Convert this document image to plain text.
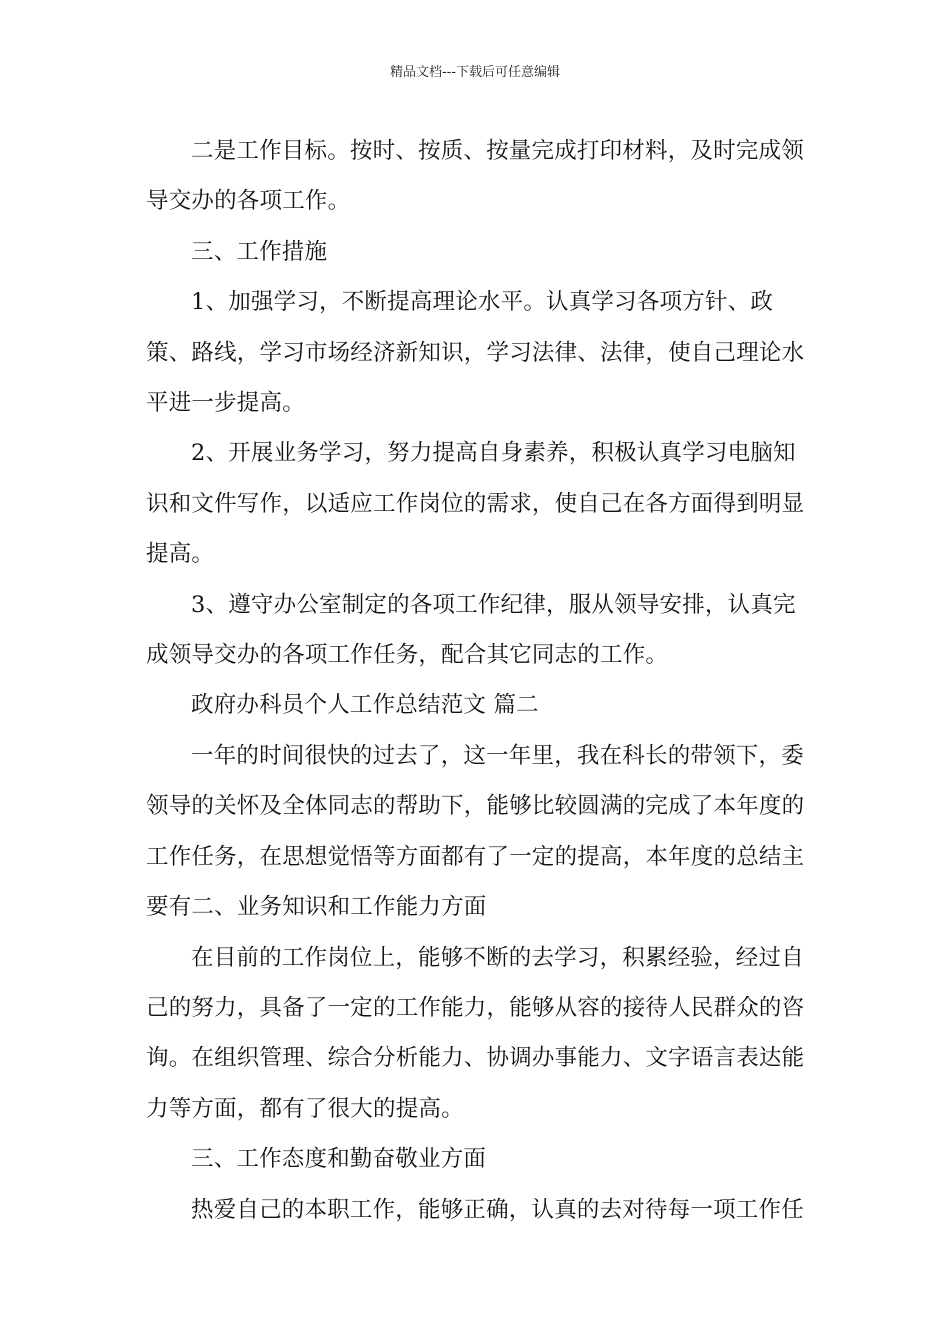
精品文档---下载后可任意编辑

二是工作目标。按时、按质、按量完成打印材料，及时完成领导交办的各项工作。

三、工作措施

1、加强学习，不断提高理论水平。认真学习各项方针、政策、路线，学习市场经济新知识，学习法律、法律，使自己理论水平进一步提高。

2、开展业务学习，努力提高自身素养，积极认真学习电脑知识和文件写作，以适应工作岗位的需求，使自己在各方面得到明显提高。

3、遵守办公室制定的各项工作纪律，服从领导安排，认真完成领导交办的各项工作任务，配合其它同志的工作。

政府办科员个人工作总结范文 篇二

一年的时间很快的过去了，这一年里，我在科长的带领下，委领导的关怀及全体同志的帮助下，能够比较圆满的完成了本年度的工作任务，在思想觉悟等方面都有了一定的提高，本年度的总结主要有二、业务知识和工作能力方面

在目前的工作岗位上，能够不断的去学习，积累经验，经过自己的努力，具备了一定的工作能力，能够从容的接待人民群众的咨询。在组织管理、综合分析能力、协调办事能力、文字语言表达能力等方面，都有了很大的提高。

三、工作态度和勤奋敬业方面

热爱自己的本职工作，能够正确，认真的去对待每一项工作任
